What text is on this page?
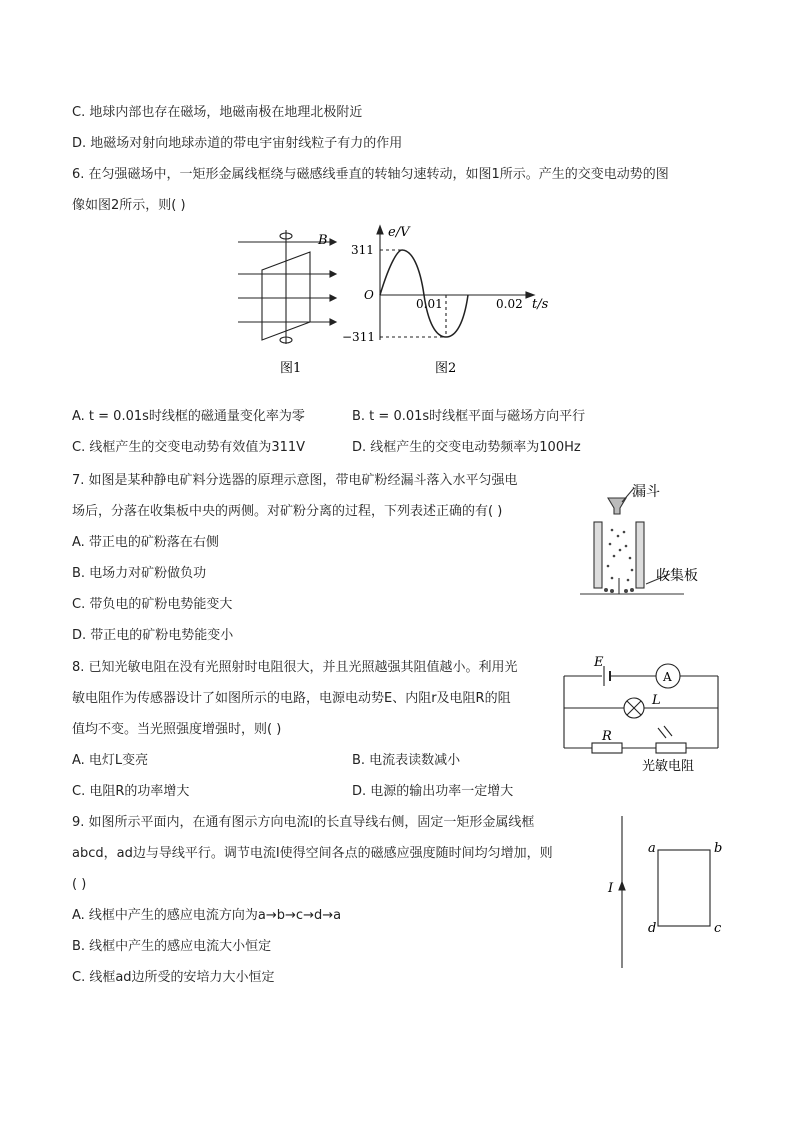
C. 地球内部也存在磁场，地磁南极在地理北极附近
D. 地磁场对射向地球赤道的带电宇宙射线粒子有力的作用
6. 在匀强磁场中，一矩形金属线框绕与磁感线垂直的转轴匀速转动，如图1所示。产生的交变电动势的图
像如图2所示，则( )
B
图1
e/V
311
−311
O
0.01	0.02 t/s
图2
A. t = 0.01s时线框的磁通量变化率为零	B. t = 0.01s时线框平面与磁场方向平行
C. 线框产生的交变电动势有效值为311V	D. 线框产生的交变电动势频率为100Hz
7. 如图是某种静电矿料分选器的原理示意图，带电矿粉经漏斗落入水平匀强电
场后，分落在收集板中央的两侧。对矿粉分离的过程，下列表述正确的有( )
A. 带正电的矿粉落在右侧
B. 电场力对矿粉做负功
C. 带负电的矿粉电势能变大
D. 带正电的矿粉电势能变小
漏斗
收集板
8. 已知光敏电阻在没有光照射时电阻很大，并且光照越强其阻值越小。利用光
敏电阻作为传感器设计了如图所示的电路，电源电动势E、内阻r及电阻R的阻
值均不变。当光照强度增强时，则( )
A. 电灯L变亮	B. 电流表读数减小
C. 电阻R的功率增大	D. 电源的输出功率一定增大
E
A
L
R
光敏电阻
9. 如图所示平面内，在通有图示方向电流I的长直导线右侧，固定一矩形金属线框
abcd，ad边与导线平行。调节电流I使得空间各点的磁感应强度随时间均匀增加，则
( )
A. 线框中产生的感应电流方向为a→b→c→d→a
B. 线框中产生的感应电流大小恒定
C. 线框ad边所受的安培力大小恒定
I
a	b
c
d
